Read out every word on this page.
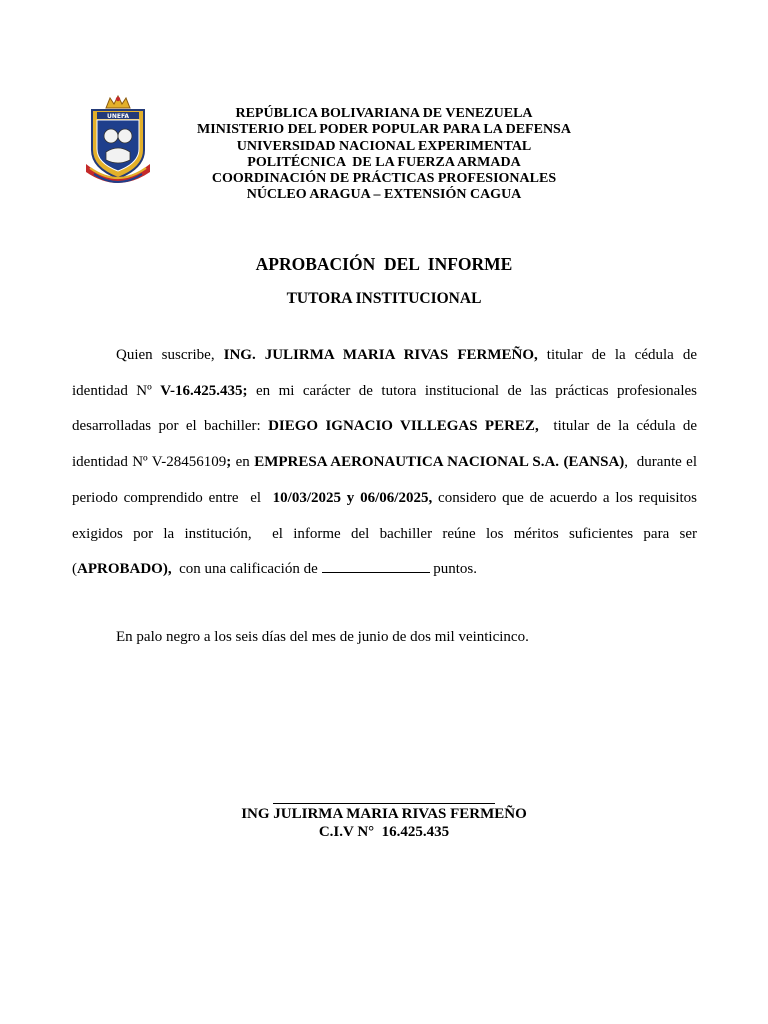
UNEFA	REPÚBLICA BOLIVARIANA DE VENEZUELA
MINISTERIO DEL PODER POPULAR PARA LA DEFENSA
UNIVERSIDAD NACIONAL EXPERIMENTAL
POLITÉCNICA  DE LA FUERZA ARMADA
COORDINACIÓN DE PRÁCTICAS PROFESIONALES
NÚCLEO ARAGUA – EXTENSIÓN CAGUA
APROBACIÓN  DEL  INFORME
TUTORA INSTITUCIONAL

Quien suscribe, ING. JULIRMA MARIA RIVAS FERMEÑO, titular de la cédula de identidad Nº V-16.425.435; en mi carácter de tutora institucional de las prácticas profesionales desarrolladas por el bachiller: DIEGO IGNACIO VILLEGAS PEREZ,  titular de la cédula de identidad Nº V-28456109; en EMPRESA AERONAUTICA NACIONAL S.A. (EANSA),  durante el periodo comprendido entre  el  10/03/2025 y 06/06/2025, considero que de acuerdo a los requisitos exigidos por la institución,  el informe del bachiller reúne los méritos suficientes para ser (APROBADO),  con una calificación de	puntos.

En palo negro a los seis días del mes de junio de dos mil veinticinco.
ING JULIRMA MARIA RIVAS FERMEÑO
C.I.V N°  16.425.435
